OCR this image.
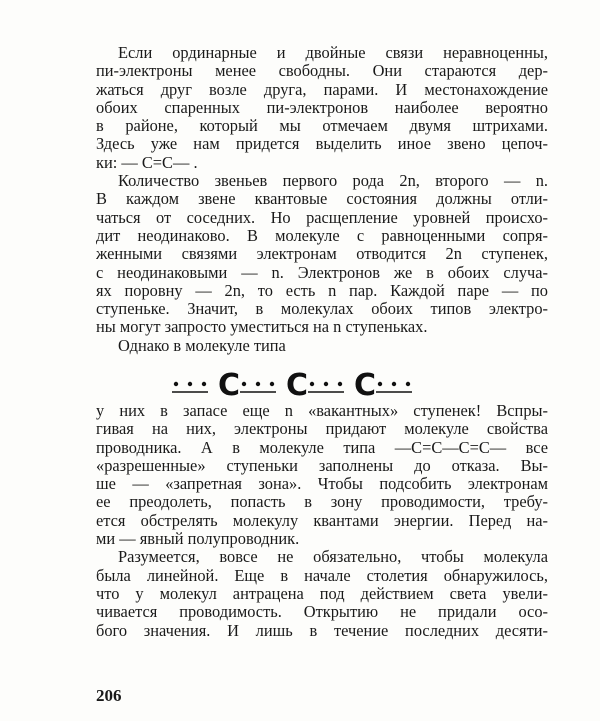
Если ординарные и двойные связи неравноценны,
пи-электроны менее свободны. Они стараются дер-
жаться друг возле друга, парами. И местонахождение
обоих спаренных пи-электронов наиболее вероятно
в районе, который мы отмечаем двумя штрихами.
Здесь уже нам придется выделить иное звено цепоч-
ки: — C=C— .
Количество звеньев первого рода 2n, второго — n.
В каждом звене квантовые состояния должны отли-
чаться от соседних. Но расщепление уровней происхо-
дит неодинаково. В молекуле с равноценными сопря-
женными связями электронам отводится 2n ступенек,
с неодинаковыми — n. Электронов же в обоих случа-
ях поровну — 2n, то есть n пар. Каждой паре — по
ступеньке. Значит, в молекулах обоих типов электро-
ны могут запросто уместиться на n ступеньках.
Однако в молекуле типа
C C C
у них в запасе еще n «вакантных» ступенек! Вспры-
гивая на них, электроны придают молекуле свойства
проводника. А в молекуле типа —C=C—C=C— все
«разрешенные» ступеньки заполнены до отказа. Вы-
ше — «запретная зона». Чтобы подсобить электронам
ее преодолеть, попасть в зону проводимости, требу-
ется обстрелять молекулу квантами энергии. Перед на-
ми — явный полупроводник.
Разумеется, вовсе не обязательно, чтобы молекула
была линейной. Еще в начале столетия обнаружилось,
что у молекул антрацена под действием света увели-
чивается проводимость. Открытию не придали осо-
бого значения. И лишь в течение последних десяти-
206
